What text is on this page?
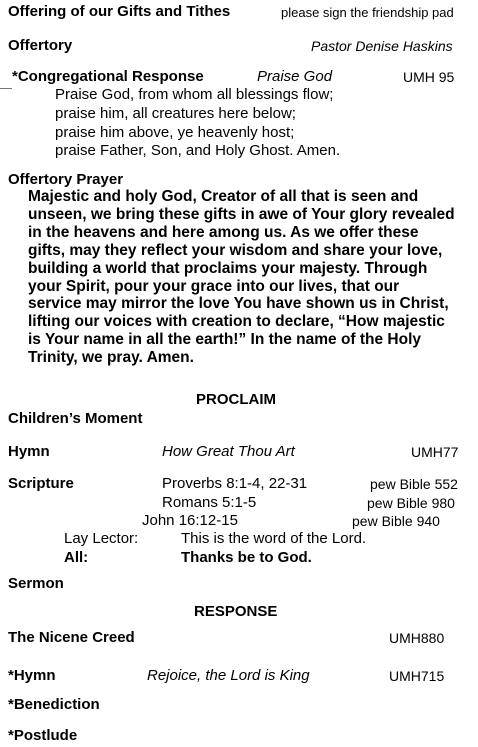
Offering of our Gifts and Tithes	please sign the friendship pad
Offertory	Pastor Denise Haskins
*Congregational Response	Praise God	UMH 95
Praise God, from whom all blessings flow;
praise him, all creatures here below;
praise him above, ye heavenly host;
praise Father, Son, and Holy Ghost. Amen.
Offertory Prayer
Majestic and holy God, Creator of all that is seen and
unseen, we bring these gifts in awe of Your glory revealed
in the heavens and here among us. As we offer these
gifts, may they reflect your wisdom and share your love,
building a world that proclaims your majesty. Through
your Spirit, pour your grace into our lives, that our
service may mirror the love You have shown us in Christ,
lifting our voices with creation to declare, “How majestic
is Your name in all the earth!” In the name of the Holy
Trinity, we pray. Amen.
PROCLAIM
Children’s Moment
Hymn	How Great Thou Art	UMH77
Scripture	Proverbs 8:1-4, 22-31	pew Bible 552
Romans 5:1-5	pew Bible 980
John 16:12-15	pew Bible 940
Lay Lector:	This is the word of the Lord.
All:	Thanks be to God.
Sermon
RESPONSE
The Nicene Creed	UMH880
*Hymn	Rejoice, the Lord is King	UMH715
*Benediction
*Postlude
